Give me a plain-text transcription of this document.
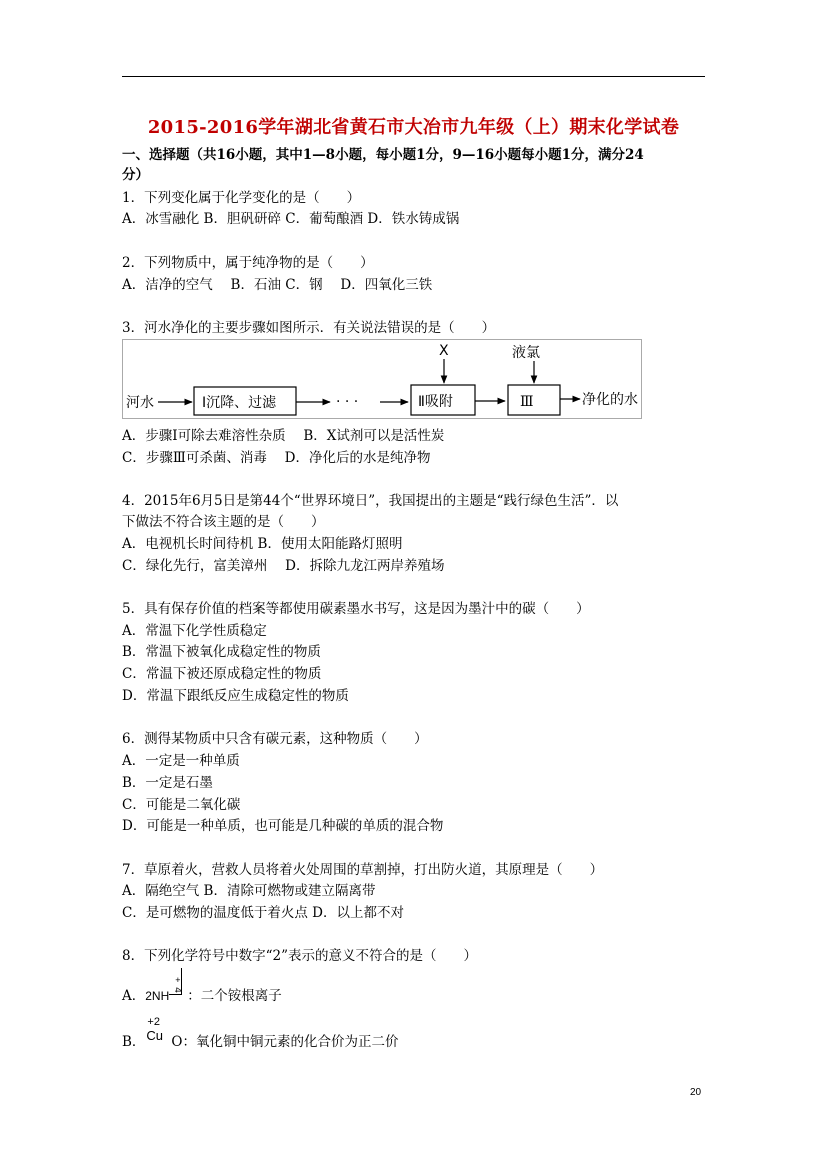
2015-2016学年湖北省黄石市大冶市九年级（上）期末化学试卷
一、选择题（共16小题，其中1—8小题，每小题1分，9—16小题每小题1分，满分24
分）
1．下列变化属于化学变化的是（　　）
A．冰雪融化 B．胆矾研碎 C．葡萄酿酒 D．铁水铸成锅
2．下列物质中，属于纯净物的是（　　）
A．洁净的空气　 B．石油 C．钢　 D．四氧化三铁
3．河水净化的主要步骤如图所示．有关说法错误的是（　　）
河水	Ⅰ沉降、过滤	· · ·	Ⅱ吸附
X
Ⅲ
液氯
净化的水
A．步骤Ⅰ可除去难溶性杂质　 B．X试剂可以是活性炭
C．步骤Ⅲ可杀菌、消毒　 D．净化后的水是纯净物
4．2015年6月5日是第44个“世界环境日”，我国提出的主题是“践行绿色生活”．以
下做法不符合该主题的是（　　）
A．电视机长时间待机 B．使用太阳能路灯照明
C．绿化先行，富美漳州　 D．拆除九龙江两岸养殖场
5．具有保存价值的档案等都使用碳素墨水书写，这是因为墨汁中的碳（　　）
A．常温下化学性质稳定
B．常温下被氧化成稳定性的物质
C．常温下被还原成稳定性的物质
D．常温下跟纸反应生成稳定性的物质
6．测得某物质中只含有碳元素，这种物质（　　）
A．一定是一种单质
B．一定是石墨
C．可能是二氧化碳
D．可能是一种单质，也可能是几种碳的单质的混合物
7．草原着火，营救人员将着火处周围的草割掉，打出防火道，其原理是（　　）
A．隔绝空气 B．清除可燃物或建立隔离带
C．是可燃物的温度低于着火点 D．以上都不对
8．下列化学符号中数字“2”表示的意义不符合的是（　　）
A．2NH
+
4 ：二个铵根离子
B．
+2
Cu O：氧化铜中铜元素的化合价为正二价
20
